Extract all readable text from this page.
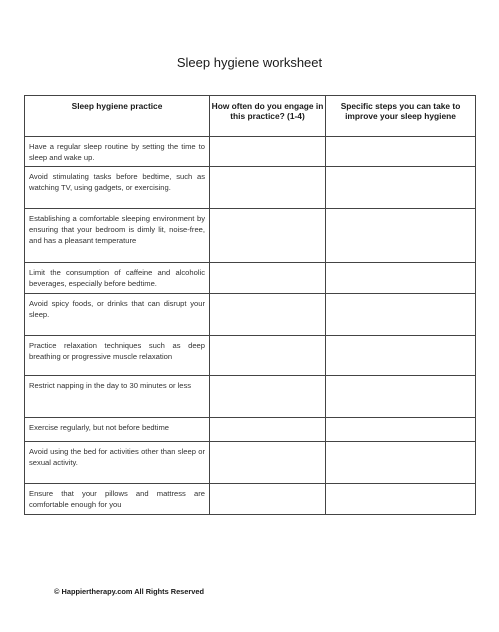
Sleep hygiene worksheet
Sleep hygiene practice	How often do you engage in this practice? (1-4)	Specific steps you can take to improve your sleep hygiene
Have a regular sleep routine by setting the time to sleep and wake up.		
Avoid stimulating tasks before bedtime, such as watching TV, using gadgets, or exercising.		
Establishing a comfortable sleeping environment by ensuring that your bedroom is dimly lit, noise-free, and has a pleasant temperature		
Limit the consumption of caffeine and alcoholic beverages, especially before bedtime.		
Avoid spicy foods, or drinks that can disrupt your sleep.		
Practice relaxation techniques such as deep breathing or progressive muscle relaxation		
Restrict napping in the day to 30 minutes or less		
Exercise regularly, but not before bedtime		
Avoid using the bed for activities other than sleep or sexual activity.		
Ensure that your pillows and mattress are comfortable enough for you		
© Happiertherapy.com All Rights Reserved
